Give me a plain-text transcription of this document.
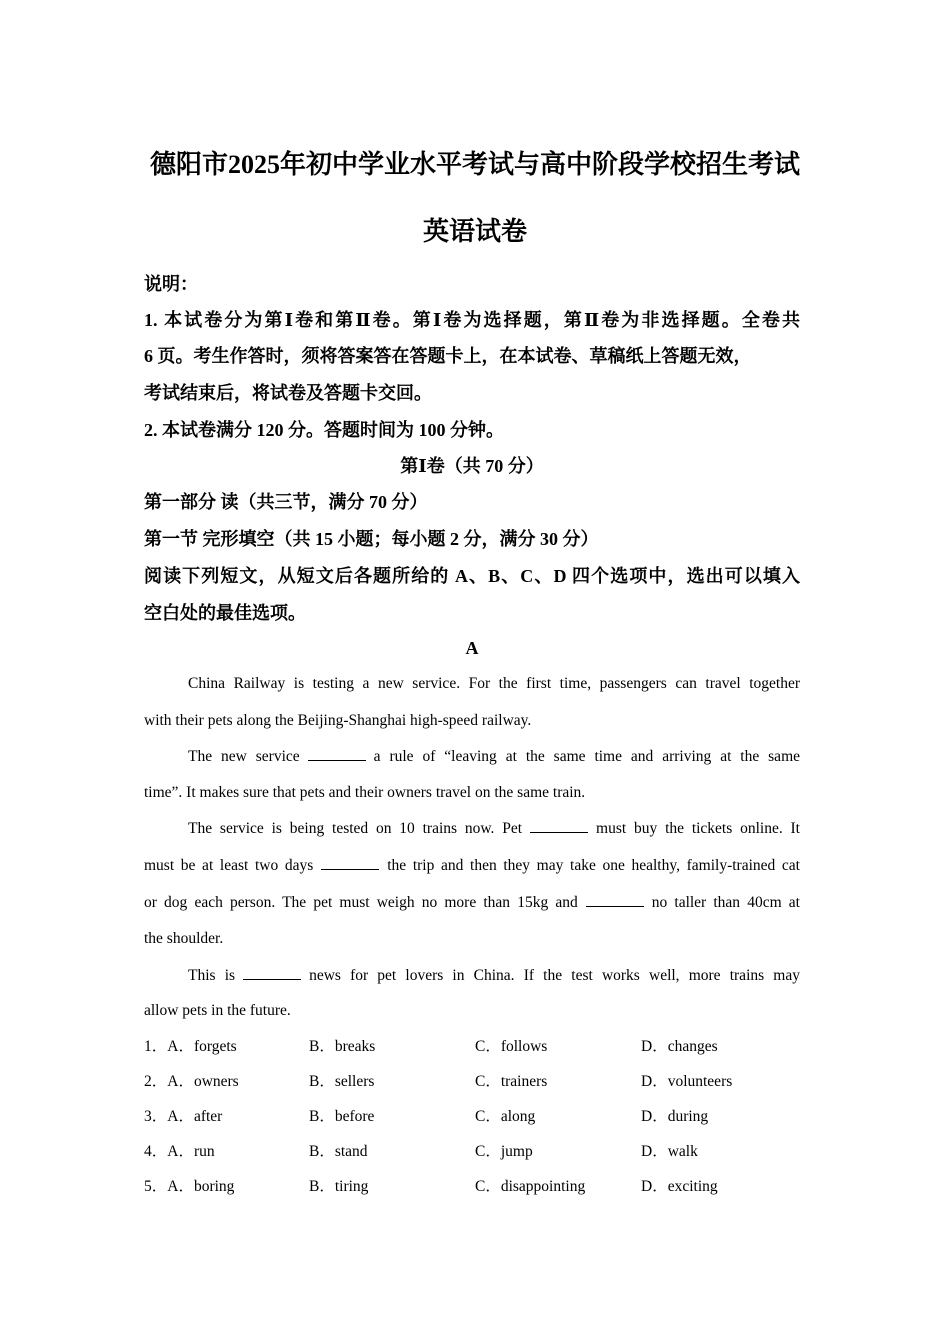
德阳市2025年初中学业水平考试与高中阶段学校招生考试
英语试卷
说明：
1. 本试卷分为第Ⅰ卷和第Ⅱ卷。第Ⅰ卷为选择题，第Ⅱ卷为非选择题。全卷共
6 页。考生作答时，须将答案答在答题卡上，在本试卷、草稿纸上答题无效，
考试结束后，将试卷及答题卡交回。
2. 本试卷满分 120 分。答题时间为 100 分钟。
第Ⅰ卷（共 70 分）
第一部分 读（共三节，满分 70 分）
第一节 完形填空（共 15 小题；每小题 2 分，满分 30 分）
阅读下列短文，从短文后各题所给的 A、B、C、D 四个选项中，选出可以填入
空白处的最佳选项。
A
China Railway is testing a new service. For the first time, passengers can travel together
with their pets along the Beijing-Shanghai high-speed railway.
The new service	a rule of “leaving at the same time and arriving at the same
time”. It makes sure that pets and their owners travel on the same train.
The service is being tested on 10 trains now. Pet	must buy the tickets online. It
must be at least two days	the trip and then they may take one healthy, family-trained cat
or dog each person. The pet must weigh no more than 15kg and	no taller than 40cm at
the shoulder.
This is	news for pet lovers in China. If the test works well, more trains may
allow pets in the future.
1．A．forgets	B．breaks	C．follows	D．changes
2．A．owners	B．sellers	C．trainers	D．volunteers
3．A．after	B．before	C．along	D．during
4．A．run	B．stand	C．jump	D．walk
5．A．boring	B．tiring	C．disappointing	D．exciting
